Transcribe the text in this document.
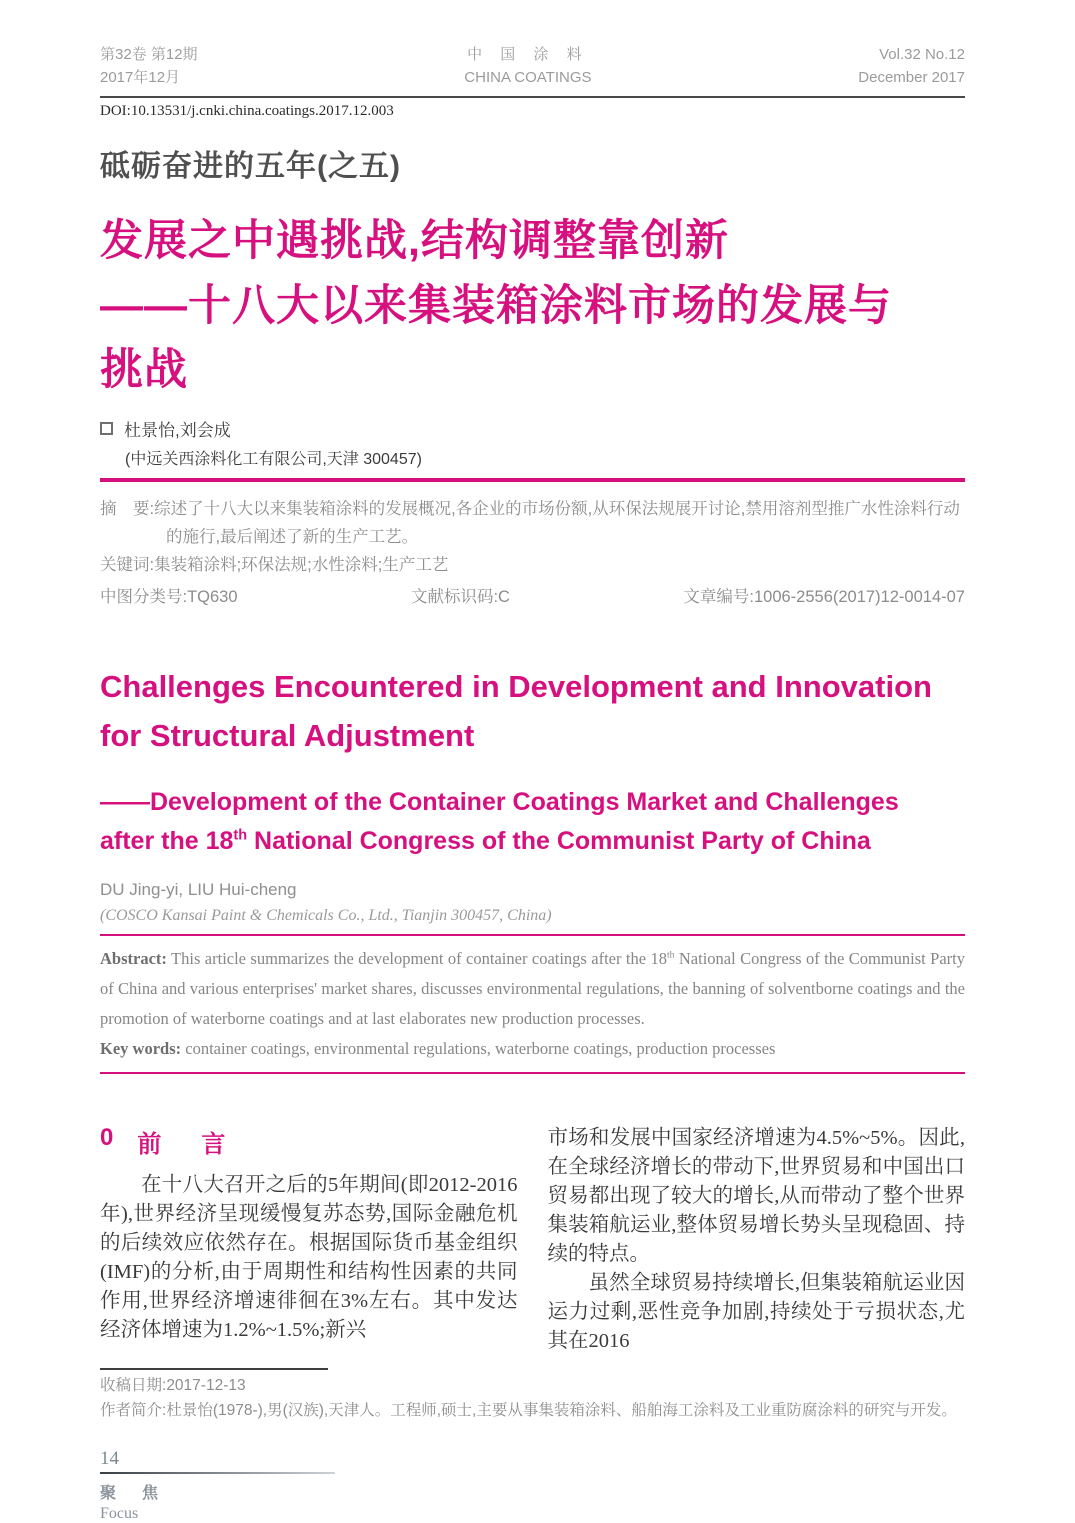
第32卷 第12期
2017年12月
中 国 涂 料
CHINA COATINGS
Vol.32 No.12
December 2017
DOI:10.13531/j.cnki.china.coatings.2017.12.003
砥砺奋进的五年(之五)
发展之中遇挑战,结构调整靠创新
——十八大以来集装箱涂料市场的发展与
挑战
杜景怡,刘会成
(中远关西涂料化工有限公司,天津 300457)

摘　要:综述了十八大以来集装箱涂料的发展概况,各企业的市场份额,从环保法规展开讨论,禁用溶剂型推广水性涂料行动的施行,最后阐述了新的生产工艺。

关键词:集装箱涂料;环保法规;水性涂料;生产工艺

中图分类号:TQ630	文献标识码:C	文章编号:1006-2556(2017)12-0014-07
Challenges Encountered in Development and Innovation for Structural Adjustment
——Development of the Container Coatings Market and Challenges after the 18th National Congress of the Communist Party of China
DU Jing-yi, LIU Hui-cheng
(COSCO Kansai Paint & Chemicals Co., Ltd., Tianjin 300457, China)

Abstract: This article summarizes the development of container coatings after the 18th National Congress of the Communist Party of China and various enterprises' market shares, discusses environmental regulations, the banning of solventborne coatings and the promotion of waterborne coatings and at last elaborates new production processes.

Key words: container coatings, environmental regulations, waterborne coatings, production processes

0 前　言

在十八大召开之后的5年期间(即2012-2016年),世界经济呈现缓慢复苏态势,国际金融危机的后续效应依然存在。根据国际货币基金组织(IMF)的分析,由于周期性和结构性因素的共同作用,世界经济增速徘徊在3%左右。其中发达经济体增速为1.2%~1.5%;新兴

市场和发展中国家经济增速为4.5%~5%。因此,在全球经济增长的带动下,世界贸易和中国出口贸易都出现了较大的增长,从而带动了整个世界集装箱航运业,整体贸易增长势头呈现稳固、持续的特点。

虽然全球贸易持续增长,但集装箱航运业因运力过剩,恶性竞争加剧,持续处于亏损状态,尤其在2016

收稿日期:2017-12-13

作者简介:杜景怡(1978-),男(汉族),天津人。工程师,硕士,主要从事集装箱涂料、船舶海工涂料及工业重防腐涂料的研究与开发。

14
聚　焦
Focus
